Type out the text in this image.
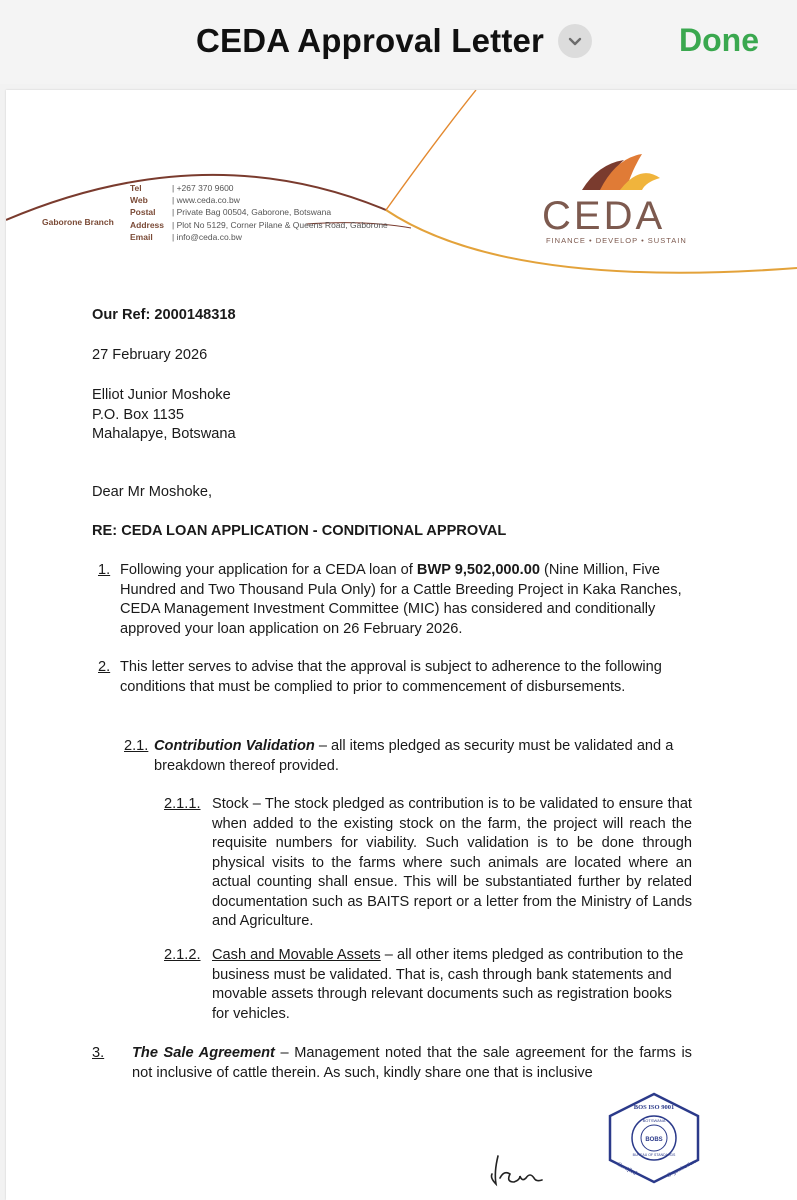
CEDA Approval Letter	Done
CEDA
FINANCE • DEVELOP • SUSTAIN
Tel	| +267 370 9600
Web	| www.ceda.co.bw
Postal	| Private Bag 00504, Gaborone, Botswana
Address | Plot No 5129, Corner Pilane & Queens Road, Gaborone
Email	| info@ceda.co.bw
Gaborone Branch
Our Ref: 2000148318
27 February 2026
Elliot Junior Moshoke
P.O. Box 1135
Mahalapye, Botswana
Dear Mr Moshoke,
RE: CEDA LOAN APPLICATION - CONDITIONAL APPROVAL
1. Following your application for a CEDA loan of BWP 9,502,000.00 (Nine Million, Five Hundred and Two Thousand Pula Only) for a Cattle Breeding Project in Kaka Ranches, CEDA Management Investment Committee (MIC) has considered and conditionally approved your loan application on 26 February 2026.
2. This letter serves to advise that the approval is subject to adherence to the following conditions that must be complied to prior to commencement of disbursements.
2.1. Contribution Validation – all items pledged as security must be validated and a breakdown thereof provided.
2.1.1. Stock – The stock pledged as contribution is to be validated to ensure that when added to the existing stock on the farm, the project will reach the requisite numbers for viability. Such validation is to be done through physical visits to the farms where such animals are located where an actual counting shall ensue. This will be substantiated further by related documentation such as BAITS report or a letter from the Ministry of Lands and Agriculture.
2.1.2. Cash and Movable Assets – all other items pledged as contribution to the business must be validated. That is, cash through bank statements and movable assets through relevant documents such as registration books for vehicles.
3.	The Sale Agreement – Management noted that the sale agreement for the farms is not inclusive of cattle therein. As such, kindly share one that is inclusive
BOS ISO 9001
BOTSWANA
BUREAU OF STANDARDS
BOBS
Certified	Organisation
